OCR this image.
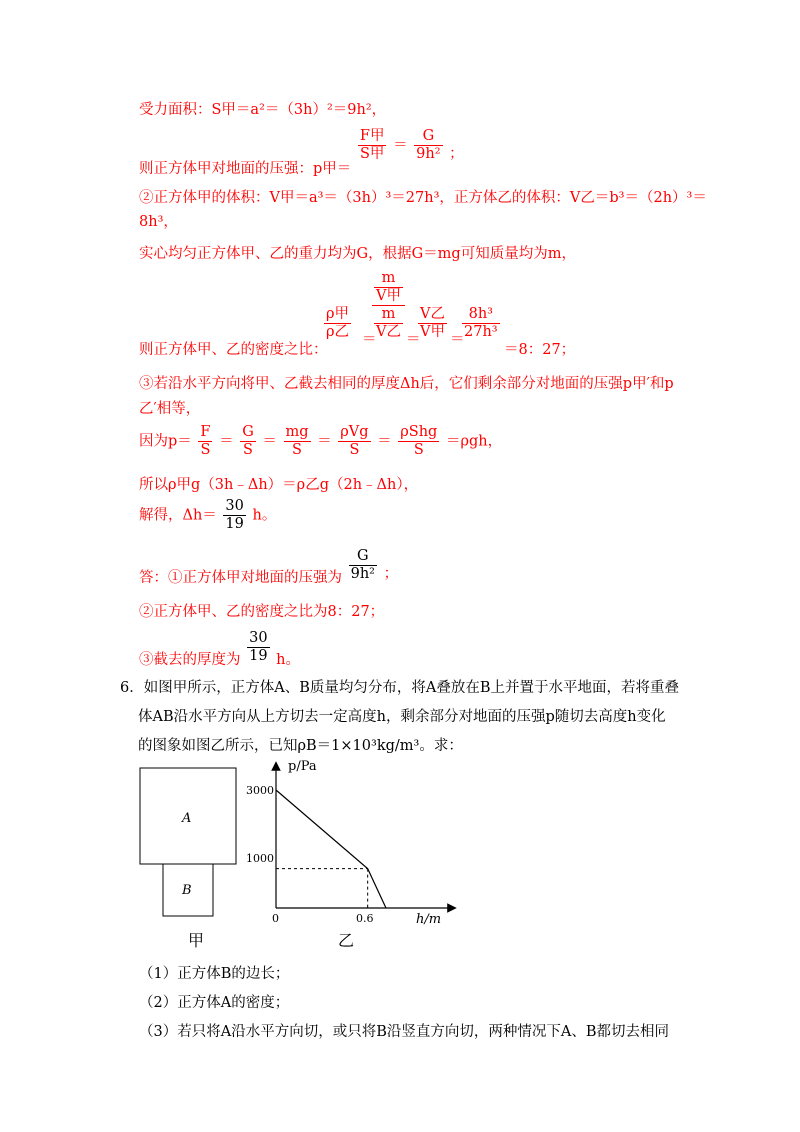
受力面积：S甲＝a²＝（3h）²＝9h²，
则正方体甲对地面的压强：p甲＝
$\frac{\text{F甲}}{\text{S甲}} = \frac{G}{\text{9h²}}$ ；
②正方体甲的体积：V甲＝a³＝（3h）³＝27h³，正方体乙的体积：V乙＝b³＝（2h）³＝
8h³，
实心均匀正方体甲、乙的重力均为G，根据G＝mg可知质量均为m，
则正方体甲、乙的密度之比：
$\frac{\text{ρ甲}}{\text{ρ乙}}$ ＝
$\frac{\frac{m}{\text{V甲}}}{\frac{m}{\text{V乙}}}$ ＝
$\frac{\text{V乙}}{\text{V甲}}$ ＝
$\frac{\text{8h³}}{\text{27h³}}$
＝8：27；
③若沿水平方向将甲、乙截去相同的厚度Δh后，它们剩余部分对地面的压强p甲′和p
乙′相等，
因为$p= \frac{F}{S} = \frac{G}{S} = \frac{mg}{S} = \frac{\text{ρVg}}{S} = \frac{\text{ρShg}}{S} =\rho gh$，
所以ρ甲g（3h﹣Δh）＝ρ乙g（2h﹣Δh），
解得，$\Delta h= \frac{30}{19}$ h。
答：①正方体甲对地面的压强为 $\frac{G}{\text{9h²}}$ ；
②正方体甲、乙的密度之比为8：27；
③截去的厚度为 $\frac{30}{19}$ h。
6．如图甲所示，正方体A、B质量均匀分布，将A叠放在B上并置于水平地面，若将重叠
体AB沿水平方向从上方切去一定高度h，剩余部分对地面的压强p随切去高度h变化
的图象如图乙所示，已知ρB＝1×10³kg/m³。求：
A
B
甲
p/Pa
h/m
3000
1000
0	0.6
乙
（1）正方体B的边长；
（2）正方体A的密度；
（3）若只将A沿水平方向切，或只将B沿竖直方向切，两种情况下A、B都切去相同
